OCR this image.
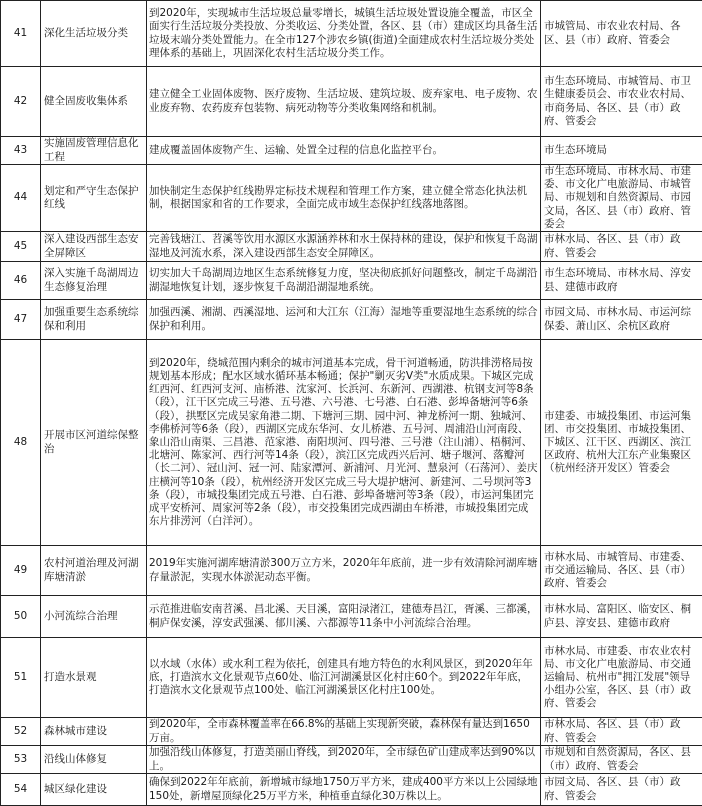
41	深化生活垃圾分类	到2020年，实现城市生活垃圾总量零增长，城镇生活垃圾处置设施全覆盖，市区全面实行生活垃圾分类投放、分类收运、分类处置，各区、县（市）建成区均具备生活垃圾末端分类处置能力。在全市127个涉农乡镇(街道)全面建成农村生活垃圾分类处理体系的基础上，巩固深化农村生活垃圾分类工作。	市城管局、市农业农村局、各区、县（市）政府、管委会
42	健全固废收集体系	建立健全工业固体废物、医疗废物、生活垃圾、建筑垃圾、废弃家电、电子废物、农业废弃物、农药废弃包装物、病死动物等分类收集网络和机制。	市生态环境局、市城管局、市卫生健康委员会、市农业农村局、市商务局、各区、县（市）政府、管委会
43	实施固废管理信息化工程	建成覆盖固体废物产生、运输、处置全过程的信息化监控平台。	市生态环境局
44	划定和严守生态保护红线	加快制定生态保护红线勘界定标技术规程和管理工作方案，建立健全常态化执法机制，根据国家和省的工作要求，全面完成市域生态保护红线落地落图。	市生态环境局、市林水局、市建委、市文化广电旅游局、市城管局、市规划和自然资源局、市园文局，各区、县（市）政府、管委会
45	深入建设西部生态安全屏障区	完善钱塘江、苕溪等饮用水源区水源涵养林和水土保持林的建设，保护和恢复千岛湖湿地及河流水系，深入建设西部生态安全屏障区。	市林水局、各区、县（市）政府、管委会
46	深入实施千岛湖周边生态修复治理	切实加大千岛湖周边地区生态系统修复力度，坚决彻底抓好问题整改，制定千岛湖沿湖湿地恢复计划，逐步恢复千岛湖沿湖湿地系统。	市生态环境局、市林水局、淳安县、建德市政府
47	加强重要生态系统综保和利用	加强西溪、湘湖、西溪湿地、运河和大江东（江海）湿地等重要湿地生态系统的综合保护和利用。	市园文局、市林水局、市运河综保委、萧山区、余杭区政府
48	开展市区河道综保整治	到2020年，绕城范围内剩余的城市河道基本完成，骨干河道畅通，防洪排涝格局按规划基本形成；配水区域水循环基本畅通；保护"剿灭劣V类"水质成果。下城区完成红西河、红西河支河、庙桥港、沈家河、长浜河、东新河、西湖港、杭钢支河等8条（段），江干区完成三号港、五号港、六号港、七号港、白石港、彭埠备塘河等6条（段），拱墅区完成吴家角港二期、下塘河三期、园中河、神龙桥河一期、独城河、李佛桥河等6条（段），西湖区完成东华河、女儿桥港、五号河、周浦沿山河南段、象山沿山南渠、三昌港、范家港、南阳坝河、四号港、三号港（注山浦）、梧桐河、北塘河、陈家河、西行河等14条（段），滨江区完成西兴后河、塘子堰河、落瓣河（长二河）、冠山河、冠一河、陆家潭河、新浦河、月光河、慧泉河（石荡河）、姜庆庄横河等10条（段），杭州经济开发区完成三号大堤护塘河、新建河、二号坝河等3条（段），市城投集团完成五号港、白石港、彭埠备塘河等3条（段），市运河集团完成平安桥河、周家河等2条（段），市交投集团完成西湖由车桥港，市城投集团完成东片排涝河（白洋河）。	市建委、市城投集团、市运河集团、市交投集团、市城投集团、下城区、江干区、西湖区、滨江区政府、杭州大江东产业集聚区（杭州经济开发区）管委会
49	农村河道治理及河湖库塘清淤	2019年实施河湖库塘清淤300万立方米，2020年年底前，进一步有效清除河湖库塘存量淤泥，实现水体淤泥动态平衡。	市林水局、市城管局、市建委、市交通运输局、各区、县（市）政府、管委会
50	小河流综合治理	示范推进临安南苕溪、昌北溪、天目溪，富阳渌渚江，建德寿昌江，胥溪、三都溪，桐庐保安溪，淳安武强溪、郁川溪、六都源等11条中小河流综合治理。	市林水局、富阳区、临安区、桐庐县、淳安县、建德市政府
51	打造水景观	以水域（水体）或水利工程为依托，创建具有地方特色的水利风景区，到2020年年底，打造滨水文化景观节点60处、临江河湖溪景区化村庄60个。到2022年年底，打造滨水文化景观节点100处、临江河湖溪景区化村庄100处。	市林水局、市建委、市农业农村局、市文化广电旅游局、市交通运输局、杭州市"拥江发展"领导小组办公室，各区、县（市）政府、管委会
52	森林城市建设	到2020年，全市森林覆盖率在66.8%的基础上实现新突破，森林保有量达到1650万亩。	市林水局、各区、县（市）政府、管委会
53	沿线山体修复	加强沿线山体修复，打造美丽山脊线，到2020年，全市绿色矿山建成率达到90%以上。	市规划和自然资源局，各区、县（市）政府、管委会
54	城区绿化建设	确保到2022年年底前，新增城市绿地1750万平方米，建成400平方米以上公园绿地150处，新增屋顶绿化25万平方米，种植垂直绿化30万株以上。	市园文局、各区、县（市）政府、管委会
